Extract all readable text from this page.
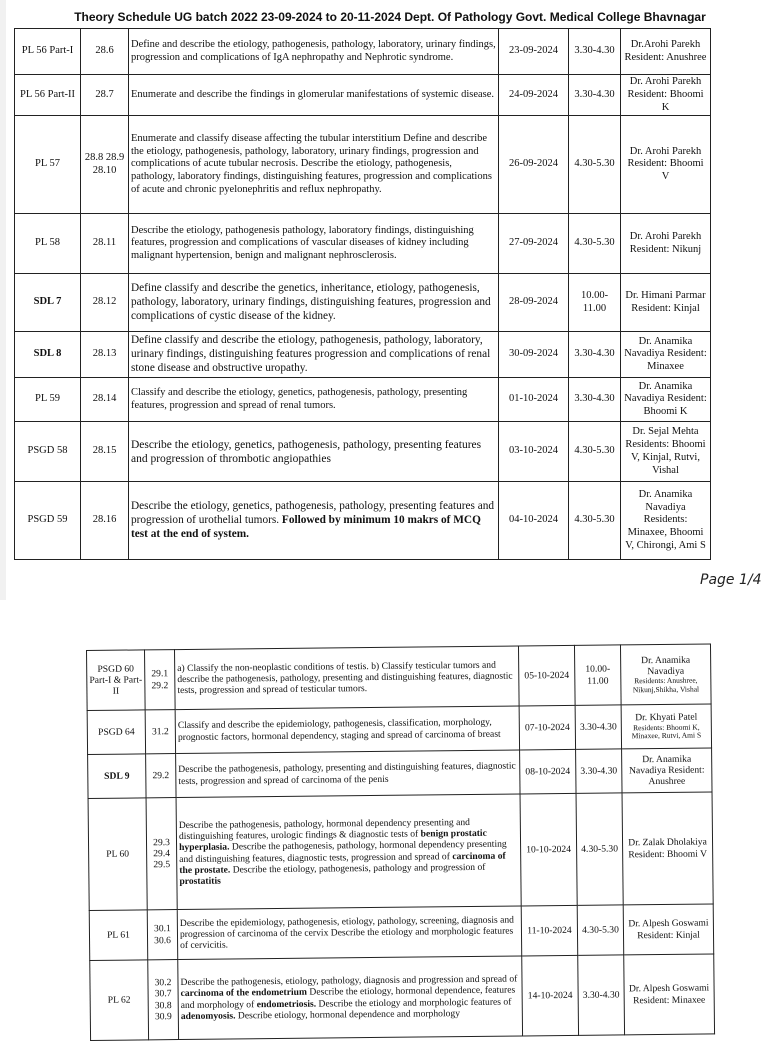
Theory Schedule UG batch 2022 23-09-2024 to 20-11-2024 Dept. Of Pathology Govt. Medical College Bhavnagar
PL 56 Part-I	28.6	Define and describe the etiology, pathogenesis, pathology, laboratory, urinary findings, progression and complications of IgA nephropathy and Nephrotic syndrome.	23-09-2024	3.30-4.30	Dr.Arohi Parekh Resident: Anushree
PL 56 Part-II	28.7	Enumerate and describe the findings in glomerular manifestations of systemic disease.	24-09-2024	3.30-4.30	Dr. Arohi Parekh Resident: Bhoomi K
PL 57	28.8 28.9 28.10	Enumerate and classify disease affecting the tubular interstitium Define and describe the etiology, pathogenesis, pathology, laboratory, urinary findings, progression and complications of acute tubular necrosis. Describe the etiology, pathogenesis, pathology, laboratory findings, distinguishing features, progression and complications of acute and chronic pyelonephritis and reflux nephropathy.	26-09-2024	4.30-5.30	Dr. Arohi Parekh Resident: Bhoomi V
PL 58	28.11	Describe the etiology, pathogenesis pathology, laboratory findings, distinguishing features, progression and complications of vascular diseases of kidney including malignant hypertension, benign and malignant nephrosclerosis.	27-09-2024	4.30-5.30	Dr. Arohi Parekh Resident: Nikunj
SDL 7	28.12	Define classify and describe the genetics, inheritance, etiology, pathogenesis, pathology, laboratory, urinary findings, distinguishing features, progression and complications of cystic disease of the kidney.	28-09-2024	10.00-11.00	Dr. Himani Parmar Resident: Kinjal
SDL 8	28.13	Define classify and describe the etiology, pathogenesis, pathology, laboratory, urinary findings, distinguishing features progression and complications of renal stone disease and obstructive uropathy.	30-09-2024	3.30-4.30	Dr. Anamika Navadiya Resident: Minaxee
PL 59	28.14	Classify and describe the etiology, genetics, pathogenesis, pathology, presenting features, progression and spread of renal tumors.	01-10-2024	3.30-4.30	Dr. Anamika Navadiya Resident: Bhoomi K
PSGD 58	28.15	Describe the etiology, genetics, pathogenesis, pathology, presenting features and progression of thrombotic angiopathies	03-10-2024	4.30-5.30	Dr. Sejal Mehta Residents: Bhoomi V, Kinjal, Rutvi, Vishal
PSGD 59	28.16	Describe the etiology, genetics, pathogenesis, pathology, presenting features and progression of urothelial tumors. Followed by minimum 10 makrs of MCQ test at the end of system.	04-10-2024	4.30-5.30	Dr. Anamika Navadiya Residents: Minaxee, Bhoomi V, Chirongi, Ami S
Page 1/4
PSGD 60 Part-I & Part-II	29.1 29.2	a) Classify the non-neoplastic conditions of testis. b) Classify testicular tumors and describe the pathogenesis, pathology, presenting and distinguishing features, diagnostic tests, progression and spread of testicular tumors.	05-10-2024	10.00-11.00	Dr. Anamika Navadiya
Residents: Anushree, Nikunj,Shikha, Vishal

PSGD 64	31.2	Classify and describe the epidemiology, pathogenesis, classification, morphology, prognostic factors, hormonal dependency, staging and spread of carcinoma of breast	07-10-2024	3.30-4.30	Dr. Khyati Patel
Residents: Bhoomi K, Minaxee, Rutvi, Ami S

SDL 9	29.2	Describe the pathogenesis, pathology, presenting and distinguishing features, diagnostic tests, progression and spread of carcinoma of the penis	08-10-2024	3.30-4.30	Dr. Anamika Navadiya Resident: Anushree
PL 60	29.3 29.4 29.5	Describe the pathogenesis, pathology, hormonal dependency presenting and distinguishing features, urologic findings & diagnostic tests of benign prostatic hyperplasia. Describe the pathogenesis, pathology, hormonal dependency presenting and distinguishing features, diagnostic tests, progression and spread of carcinoma of the prostate. Describe the etiology, pathogenesis, pathology and progression of prostatitis	10-10-2024	4.30-5.30	Dr. Zalak Dholakiya Resident: Bhoomi V
PL 61	30.1 30.6	Describe the epidemiology, pathogenesis, etiology, pathology, screening, diagnosis and progression of carcinoma of the cervix Describe the etiology and morphologic features of cervicitis.	11-10-2024	4.30-5.30	Dr. Alpesh Goswami Resident: Kinjal
PL 62	30.2 30.7 30.8 30.9	Describe the pathogenesis, etiology, pathology, diagnosis and progression and spread of carcinoma of the endometrium Describe the etiology, hormonal dependence, features and morphology of endometriosis. Describe the etiology and morphologic features of adenomyosis. Describe etiology, hormonal dependence and morphology	14-10-2024	3.30-4.30	Dr. Alpesh Goswami Resident: Minaxee
